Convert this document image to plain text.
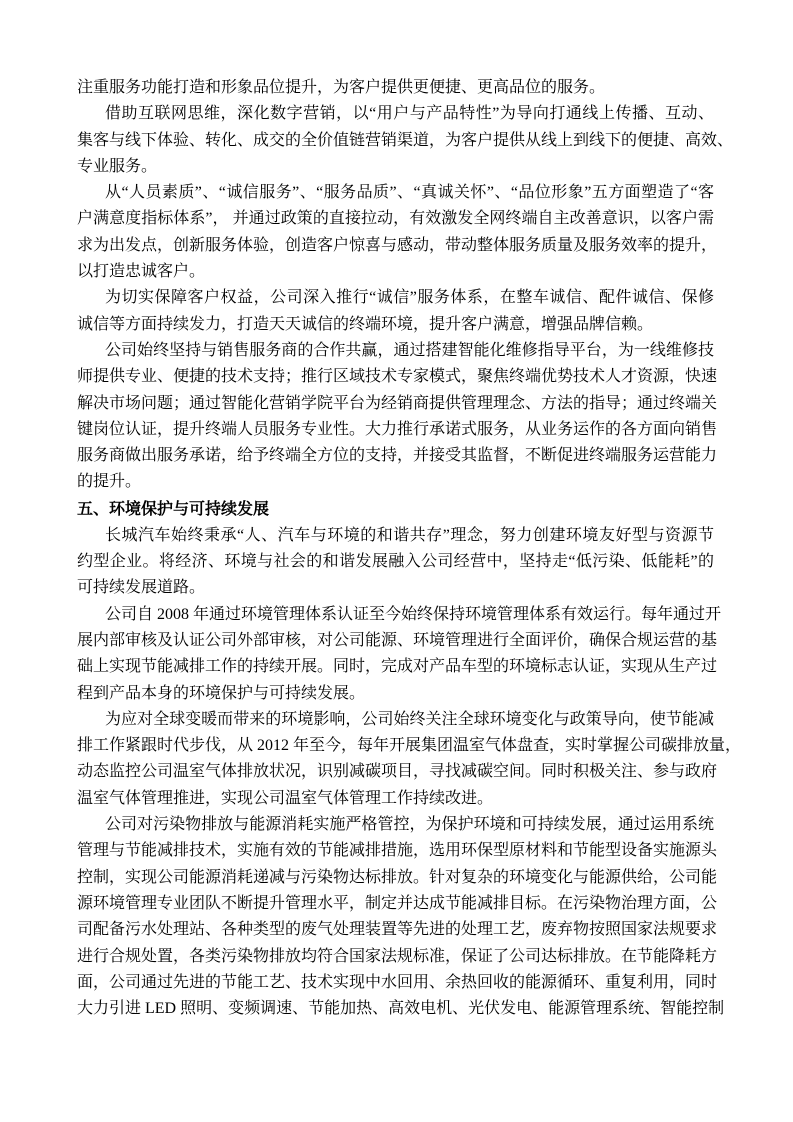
注重服务功能打造和形象品位提升，为客户提供更便捷、更高品位的服务。
借助互联网思维，深化数字营销，以“用户与产品特性”为导向打通线上传播、互动、
集客与线下体验、转化、成交的全价值链营销渠道，为客户提供从线上到线下的便捷、高效、
专业服务。
从“人员素质”、“诚信服务”、“服务品质”、“真诚关怀”、“品位形象”五方面塑造了“客
户满意度指标体系”， 并通过政策的直接拉动，有效激发全网终端自主改善意识，以客户需
求为出发点，创新服务体验，创造客户惊喜与感动，带动整体服务质量及服务效率的提升，
以打造忠诚客户。
为切实保障客户权益，公司深入推行“诚信”服务体系，在整车诚信、配件诚信、保修
诚信等方面持续发力，打造天天诚信的终端环境，提升客户满意，增强品牌信赖。
公司始终坚持与销售服务商的合作共赢，通过搭建智能化维修指导平台，为一线维修技
师提供专业、便捷的技术支持；推行区域技术专家模式，聚焦终端优势技术人才资源，快速
解决市场问题；通过智能化营销学院平台为经销商提供管理理念、方法的指导；通过终端关
键岗位认证，提升终端人员服务专业性。大力推行承诺式服务，从业务运作的各方面向销售
服务商做出服务承诺，给予终端全方位的支持，并接受其监督，不断促进终端服务运营能力
的提升。
五、环境保护与可持续发展
长城汽车始终秉承“人、汽车与环境的和谐共存”理念，努力创建环境友好型与资源节
约型企业。将经济、环境与社会的和谐发展融入公司经营中，坚持走“低污染、低能耗”的
可持续发展道路。
公司自 2008 年通过环境管理体系认证至今始终保持环境管理体系有效运行。每年通过开
展内部审核及认证公司外部审核，对公司能源、环境管理进行全面评价，确保合规运营的基
础上实现节能减排工作的持续开展。同时，完成对产品车型的环境标志认证，实现从生产过
程到产品本身的环境保护与可持续发展。
为应对全球变暖而带来的环境影响，公司始终关注全球环境变化与政策导向，使节能减
排工作紧跟时代步伐，从 2012 年至今，每年开展集团温室气体盘查，实时掌握公司碳排放量，
动态监控公司温室气体排放状况，识别减碳项目，寻找减碳空间。同时积极关注、参与政府
温室气体管理推进，实现公司温室气体管理工作持续改进。
公司对污染物排放与能源消耗实施严格管控，为保护环境和可持续发展，通过运用系统
管理与节能减排技术，实施有效的节能减排措施，选用环保型原材料和节能型设备实施源头
控制，实现公司能源消耗递减与污染物达标排放。针对复杂的环境变化与能源供给，公司能
源环境管理专业团队不断提升管理水平，制定并达成节能减排目标。在污染物治理方面，公
司配备污水处理站、各种类型的废气处理装置等先进的处理工艺，废弃物按照国家法规要求
进行合规处置，各类污染物排放均符合国家法规标准，保证了公司达标排放。在节能降耗方
面，公司通过先进的节能工艺、技术实现中水回用、余热回收的能源循环、重复利用，同时
大力引进 LED 照明、变频调速、节能加热、高效电机、光伏发电、能源管理系统、智能控制
